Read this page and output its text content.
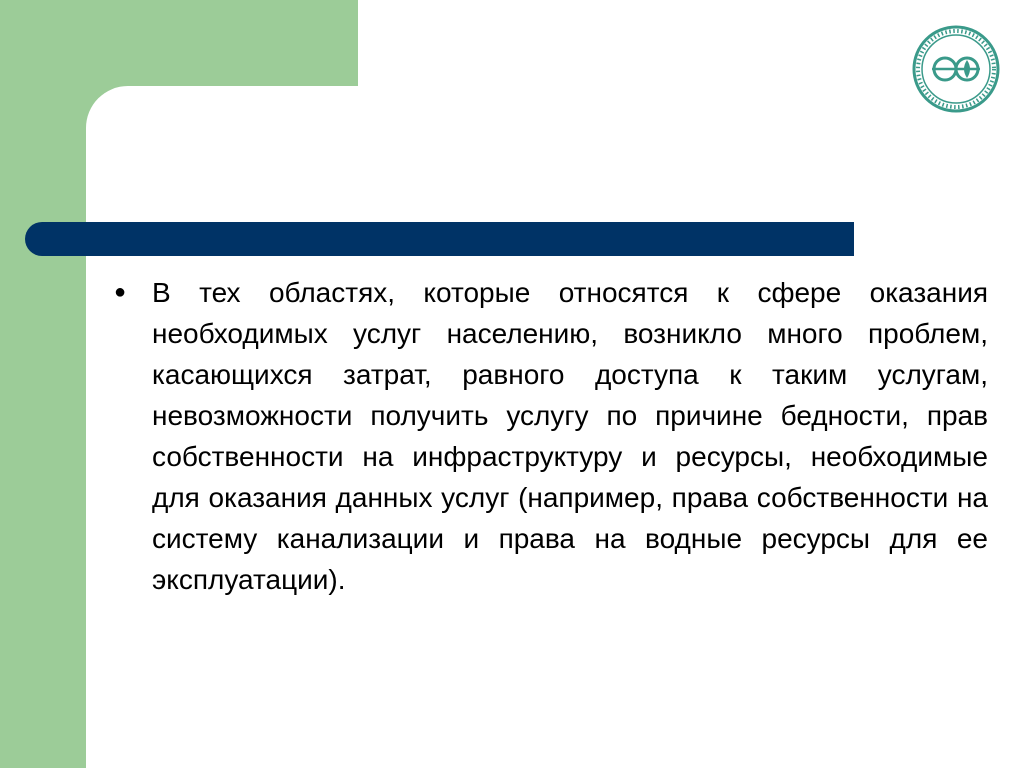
● В тех областях, которые относятся к сфере оказания необходимых услуг населению, возникло много проблем, касающихся затрат, равного доступа к таким услугам, невозможности получить услугу по причине бедности, прав собственности на инфраструктуру и ресурсы, необходимые для оказания данных услуг (например, права собственности на систему канализации и права на водные ресурсы для ее эксплуатации).
